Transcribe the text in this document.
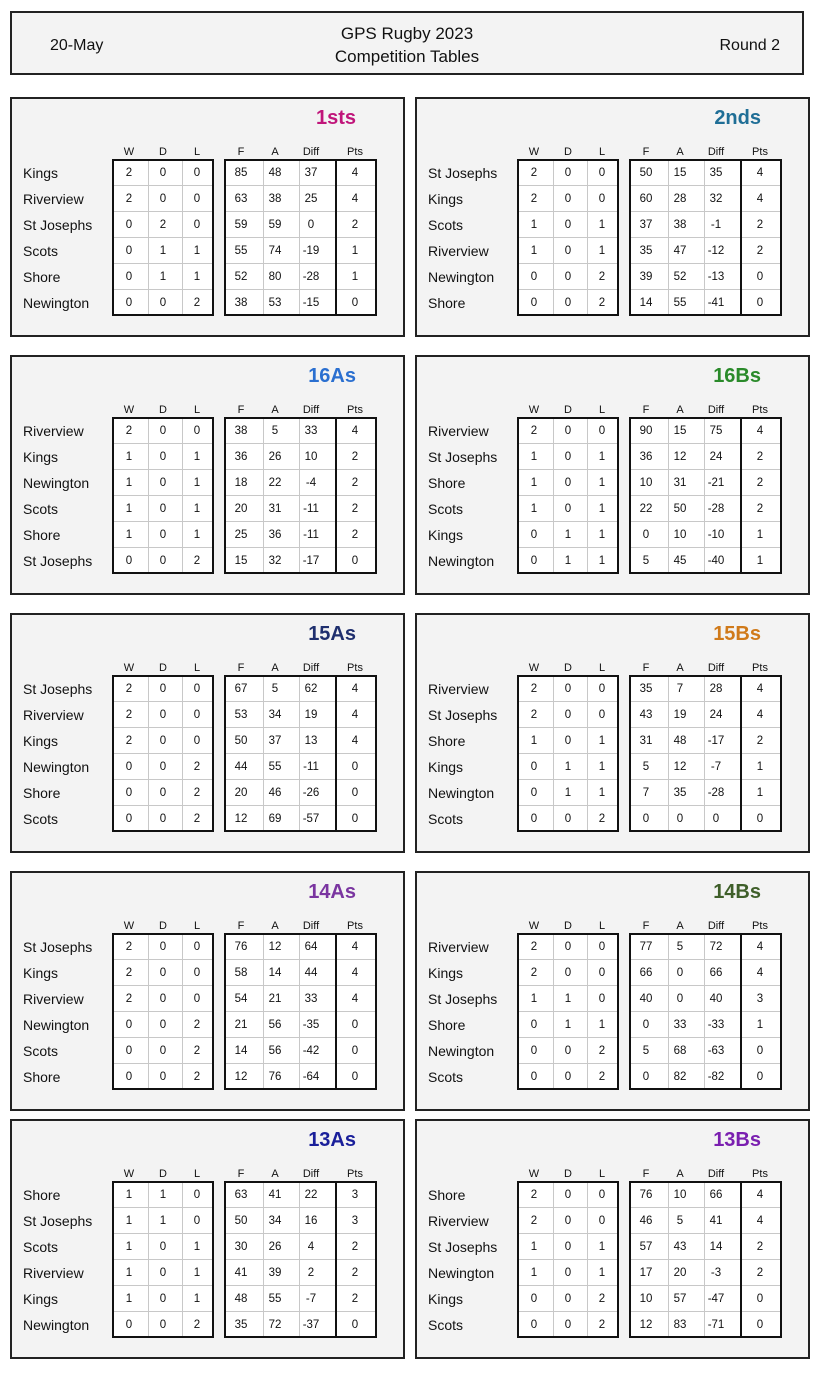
20-May
GPS Rugby 2023
Competition Tables
Round 2
1sts
W	D	L	F	A	Diff	Pts
Kings	2	0	0	85	48	37	4
Riverview	2	0	0	63	38	25	4
St Josephs	0	2	0	59	59	0	2
Scots	0	1	1	55	74	-19	1
Shore	0	1	1	52	80	-28	1
Newington	0	0	2	38	53	-15	0
2nds
W	D	L	F	A	Diff	Pts
St Josephs	2	0	0	50	15	35	4
Kings	2	0	0	60	28	32	4
Scots	1	0	1	37	38	-1	2
Riverview	1	0	1	35	47	-12	2
Newington	0	0	2	39	52	-13	0
Shore	0	0	2	14	55	-41	0
16As
W	D	L	F	A	Diff	Pts
Riverview	2	0	0	38	5	33	4
Kings	1	0	1	36	26	10	2
Newington	1	0	1	18	22	-4	2
Scots	1	0	1	20	31	-11	2
Shore	1	0	1	25	36	-11	2
St Josephs	0	0	2	15	32	-17	0
16Bs
W	D	L	F	A	Diff	Pts
Riverview	2	0	0	90	15	75	4
St Josephs	1	0	1	36	12	24	2
Shore	1	0	1	10	31	-21	2
Scots	1	0	1	22	50	-28	2
Kings	0	1	1	0	10	-10	1
Newington	0	1	1	5	45	-40	1
15As
W	D	L	F	A	Diff	Pts
St Josephs	2	0	0	67	5	62	4
Riverview	2	0	0	53	34	19	4
Kings	2	0	0	50	37	13	4
Newington	0	0	2	44	55	-11	0
Shore	0	0	2	20	46	-26	0
Scots	0	0	2	12	69	-57	0
15Bs
W	D	L	F	A	Diff	Pts
Riverview	2	0	0	35	7	28	4
St Josephs	2	0	0	43	19	24	4
Shore	1	0	1	31	48	-17	2
Kings	0	1	1	5	12	-7	1
Newington	0	1	1	7	35	-28	1
Scots	0	0	2	0	0	0	0
14As
W	D	L	F	A	Diff	Pts
St Josephs	2	0	0	76	12	64	4
Kings	2	0	0	58	14	44	4
Riverview	2	0	0	54	21	33	4
Newington	0	0	2	21	56	-35	0
Scots	0	0	2	14	56	-42	0
Shore	0	0	2	12	76	-64	0
14Bs
W	D	L	F	A	Diff	Pts
Riverview	2	0	0	77	5	72	4
Kings	2	0	0	66	0	66	4
St Josephs	1	1	0	40	0	40	3
Shore	0	1	1	0	33	-33	1
Newington	0	0	2	5	68	-63	0
Scots	0	0	2	0	82	-82	0
13As
W	D	L	F	A	Diff	Pts
Shore	1	1	0	63	41	22	3
St Josephs	1	1	0	50	34	16	3
Scots	1	0	1	30	26	4	2
Riverview	1	0	1	41	39	2	2
Kings	1	0	1	48	55	-7	2
Newington	0	0	2	35	72	-37	0
13Bs
W	D	L	F	A	Diff	Pts
Shore	2	0	0	76	10	66	4
Riverview	2	0	0	46	5	41	4
St Josephs	1	0	1	57	43	14	2
Newington	1	0	1	17	20	-3	2
Kings	0	0	2	10	57	-47	0
Scots	0	0	2	12	83	-71	0
